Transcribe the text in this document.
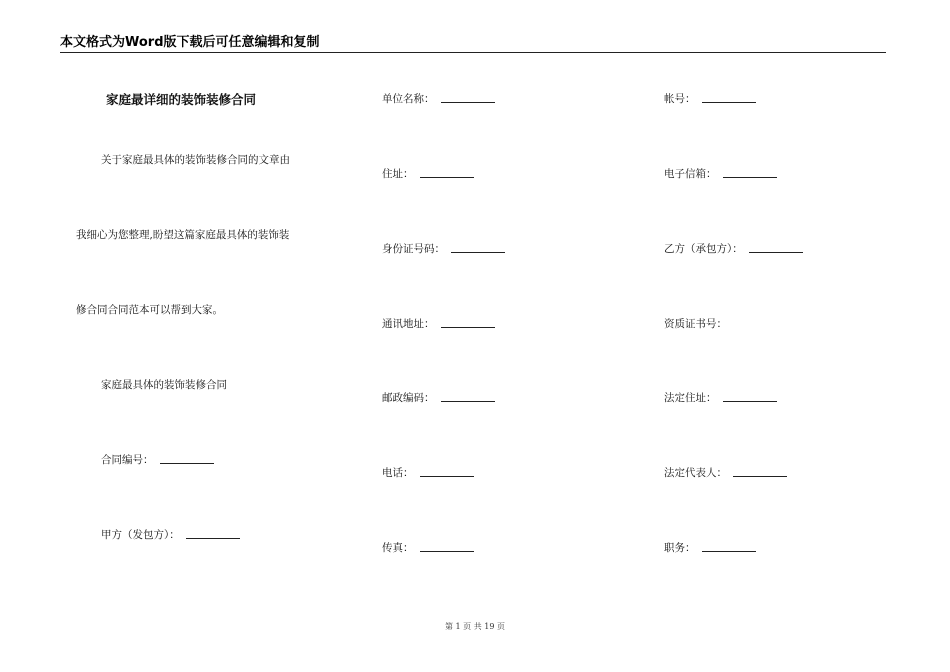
本文格式为Word版下载后可任意编辑和复制
家庭最详细的装饰装修合同
关于家庭最具体的装饰装修合同的文章由
我细心为您整理,盼望这篇家庭最具体的装饰装
修合同合同范本可以帮到大家。
家庭最具体的装饰装修合同
合同编号：
甲方（发包方）：
单位名称：
住址：
身份证号码：
通讯地址：
邮政编码：
电话：
传真：
帐号：
电子信箱：
乙方（承包方）：
资质证书号：
法定住址：
法定代表人：
职务：
第 1 页 共 19 页
